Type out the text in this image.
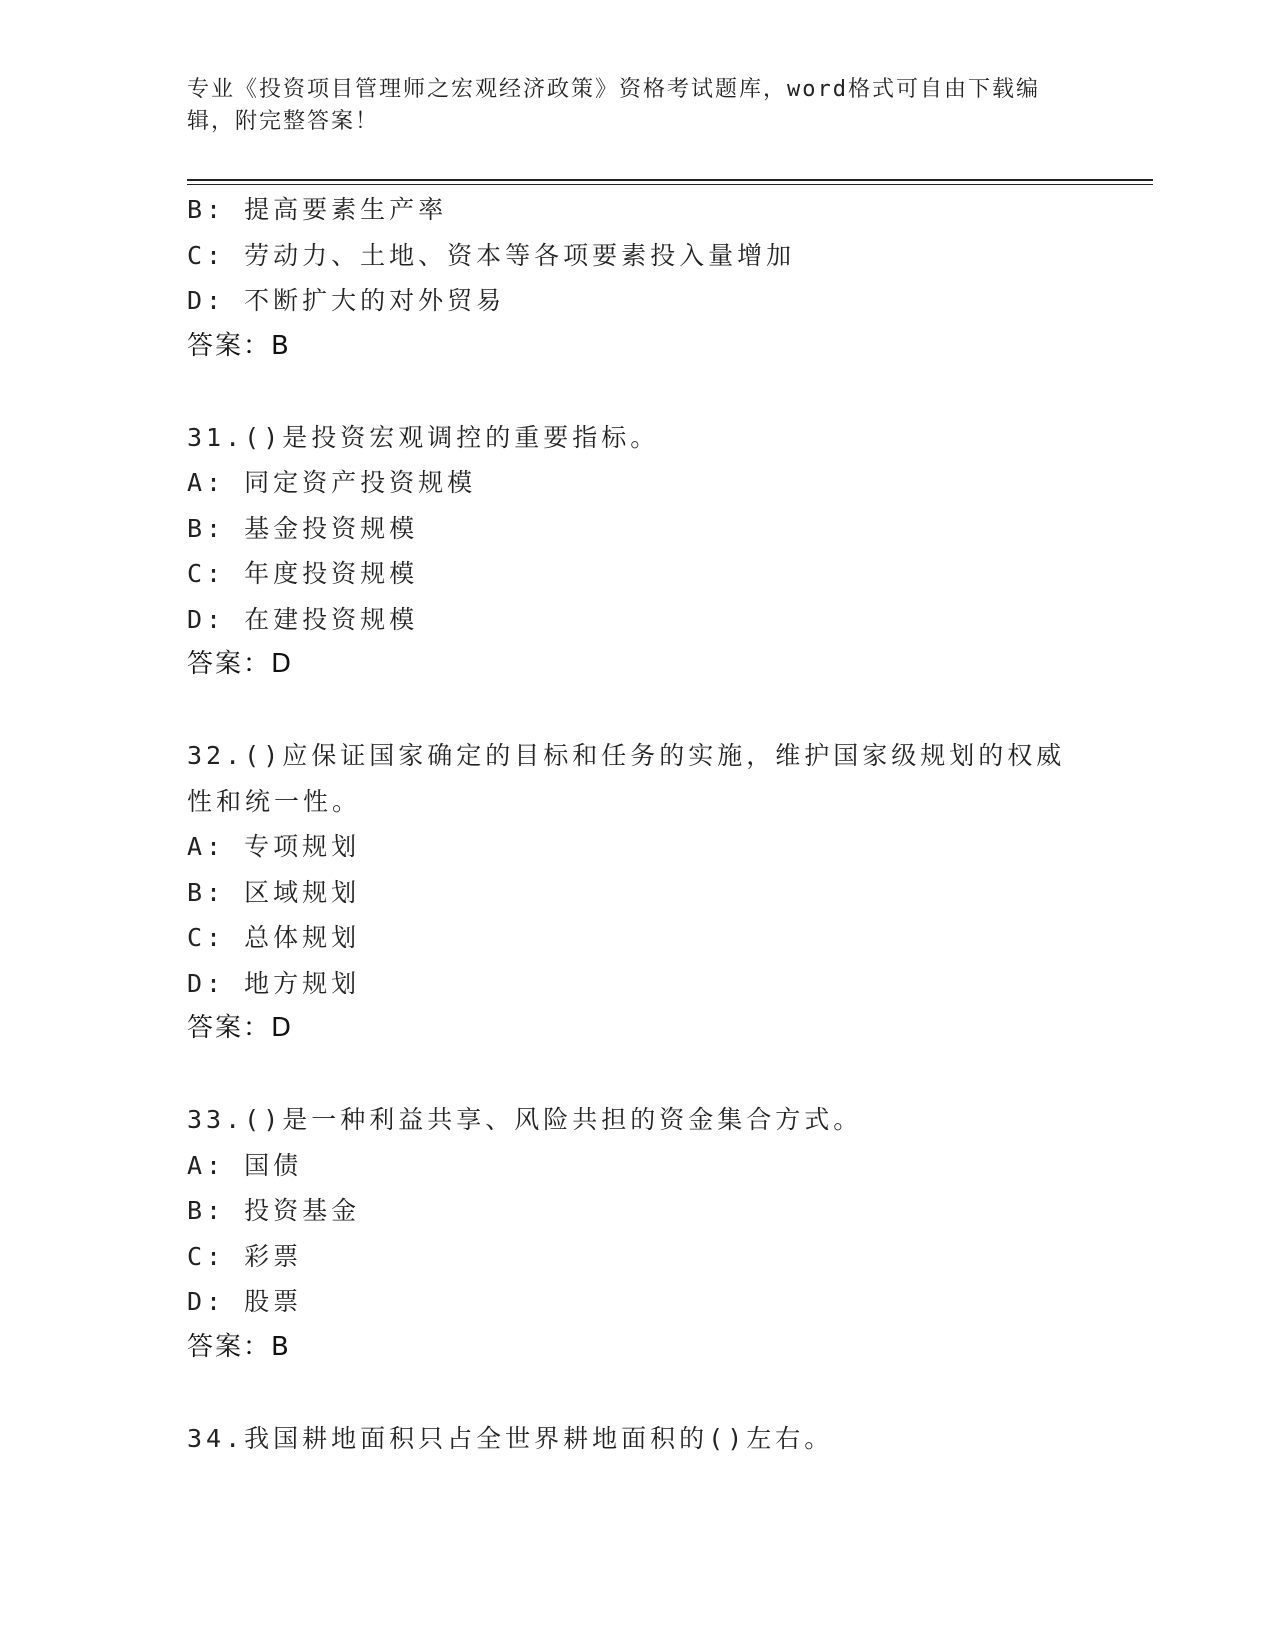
专业《投资项目管理师之宏观经济政策》资格考试题库，word格式可自由下载编辑，附完整答案！
B: 提高要素生产率
C: 劳动力、土地、资本等各项要素投入量增加
D: 不断扩大的对外贸易
答案：B
31.()是投资宏观调控的重要指标。
A: 同定资产投资规模
B: 基金投资规模
C: 年度投资规模
D: 在建投资规模
答案：D
32.()应保证国家确定的目标和任务的实施，维护国家级规划的权威性和统一性。
A: 专项规划
B: 区域规划
C: 总体规划
D: 地方规划
答案：D
33.()是一种利益共享、风险共担的资金集合方式。
A: 国债
B: 投资基金
C: 彩票
D: 股票
答案：B
34.我国耕地面积只占全世界耕地面积的()左右。
